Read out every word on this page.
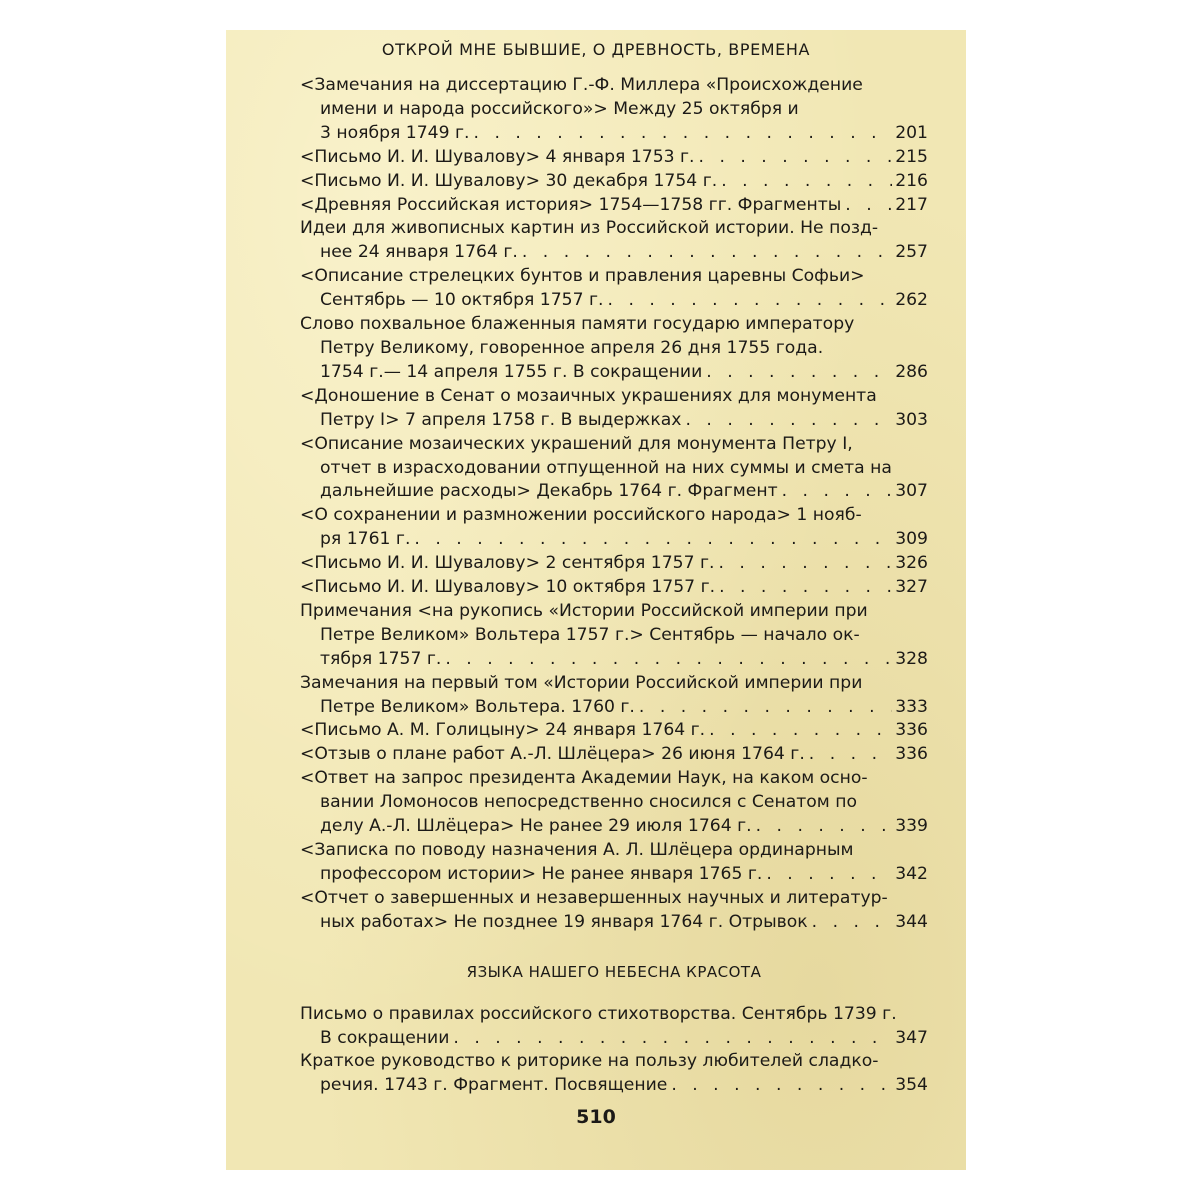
ОТКРОЙ МНЕ БЫВШИЕ, О ДРЕВНОСТЬ, ВРЕМЕНА
<Замечания на диссертацию Г.-Ф. Миллера «Происхождение
имени и народа российского»> Между 25 октября и
3 ноября 1749 г. . . .	201
<Письмо И. И. Шувалову> 4 января 1753 г. . . .	215
<Письмо И. И. Шувалову> 30 декабря 1754 г. . . .	216
<Древняя Российская история> 1754—1758 гг. Фрагменты . . .	217
Идеи для живописных картин из Российской истории. Не позд-
нее 24 января 1764 г. . . .	257
<Описание стрелецких бунтов и правления царевны Софьи>
Сентябрь — 10 октября 1757 г. . . .	262
Слово похвальное блаженныя памяти государю императору
Петру Великому, говоренное апреля 26 дня 1755 года.
1754 г.— 14 апреля 1755 г. В сокращении . . .	286
<Доношение в Сенат о мозаичных украшениях для монумента
Петру I> 7 апреля 1758 г. В выдержках . . .	303
<Описание мозаических украшений для монумента Петру I,
отчет в израсходовании отпущенной на них суммы и смета на
дальнейшие расходы> Декабрь 1764 г. Фрагмент . . .	307
<О сохранении и размножении российского народа> 1 нояб-
ря 1761 г. . . .	309
<Письмо И. И. Шувалову> 2 сентября 1757 г. . . .	326
<Письмо И. И. Шувалову> 10 октября 1757 г. . . .	327
Примечания <на рукопись «Истории Российской империи при
Петре Великом» Вольтера 1757 г.> Сентябрь — начало ок-
тября 1757 г. . . .	328
Замечания на первый том «Истории Российской империи при
Петре Великом» Вольтера. 1760 г. . . .	333
<Письмо А. М. Голицыну> 24 января 1764 г. . . .	336
<Отзыв о плане работ А.-Л. Шлёцера> 26 июня 1764 г. . . .	336
<Ответ на запрос президента Академии Наук, на каком осно-
вании Ломоносов непосредственно сносился с Сенатом по
делу А.-Л. Шлёцера> Не ранее 29 июля 1764 г. . . .	339
<Записка по поводу назначения А. Л. Шлёцера ординарным
профессором истории> Не ранее января 1765 г. . . .	342
<Отчет о завершенных и незавершенных научных и литератур-
ных работах> Не позднее 19 января 1764 г. Отрывок . . .	344
ЯЗЫКА НАШЕГО НЕБЕСНА КРАСОТА
Письмо о правилах российского стихотворства. Сентябрь 1739 г.
В сокращении . . .	347
Краткое руководство к риторике на пользу любителей сладко-
речия. 1743 г. Фрагмент. Посвящение . . .	354
510
